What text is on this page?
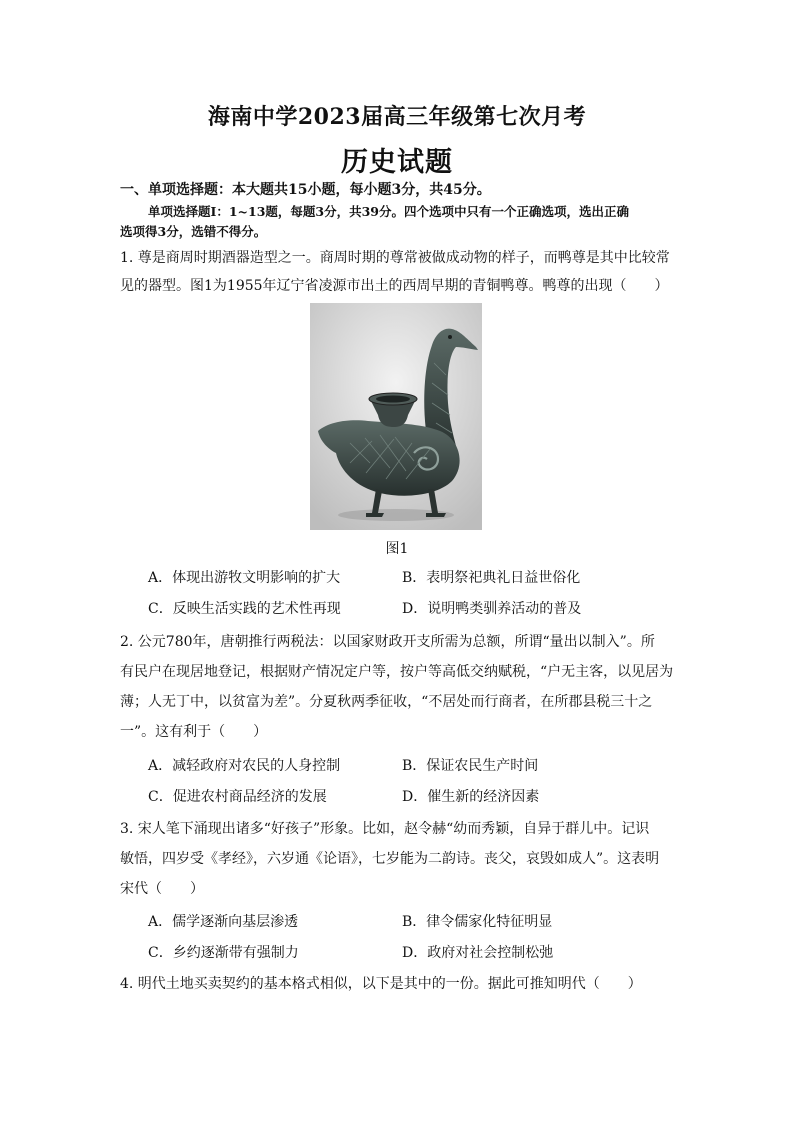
海南中学2023届高三年级第七次月考
历史试题
一、单项选择题：本大题共15小题，每小题3分，共45分。
单项选择题Ⅰ：1~13题，每题3分，共39分。四个选项中只有一个正确选项，选出正确
选项得3分，选错不得分。
1. 尊是商周时期酒器造型之一。商周时期的尊常被做成动物的样子，而鸭尊是其中比较常
见的器型。图1为1955年辽宁省凌源市出土的西周早期的青铜鸭尊。鸭尊的出现（　　）
图1
A．体现出游牧文明影响的扩大	B．表明祭祀典礼日益世俗化
C．反映生活实践的艺术性再现	D．说明鸭类驯养活动的普及
2. 公元780年，唐朝推行两税法：以国家财政开支所需为总额，所谓“量出以制入”。所
有民户在现居地登记，根据财产情况定户等，按户等高低交纳赋税，“户无主客，以见居为
薄；人无丁中，以贫富为差”。分夏秋两季征收，“不居处而行商者，在所郡县税三十之
一”。这有利于（　　）
A．减轻政府对农民的人身控制	B．保证农民生产时间
C．促进农村商品经济的发展	D．催生新的经济因素
3. 宋人笔下涌现出诸多“好孩子”形象。比如，赵令赫“幼而秀颖，自异于群儿中。记识
敏悟，四岁受《孝经》，六岁通《论语》，七岁能为二韵诗。丧父，哀毁如成人”。这表明
宋代（　　）
A．儒学逐渐向基层渗透	B．律令儒家化特征明显
C．乡约逐渐带有强制力	D．政府对社会控制松弛
4. 明代土地买卖契约的基本格式相似，以下是其中的一份。据此可推知明代（　　）
